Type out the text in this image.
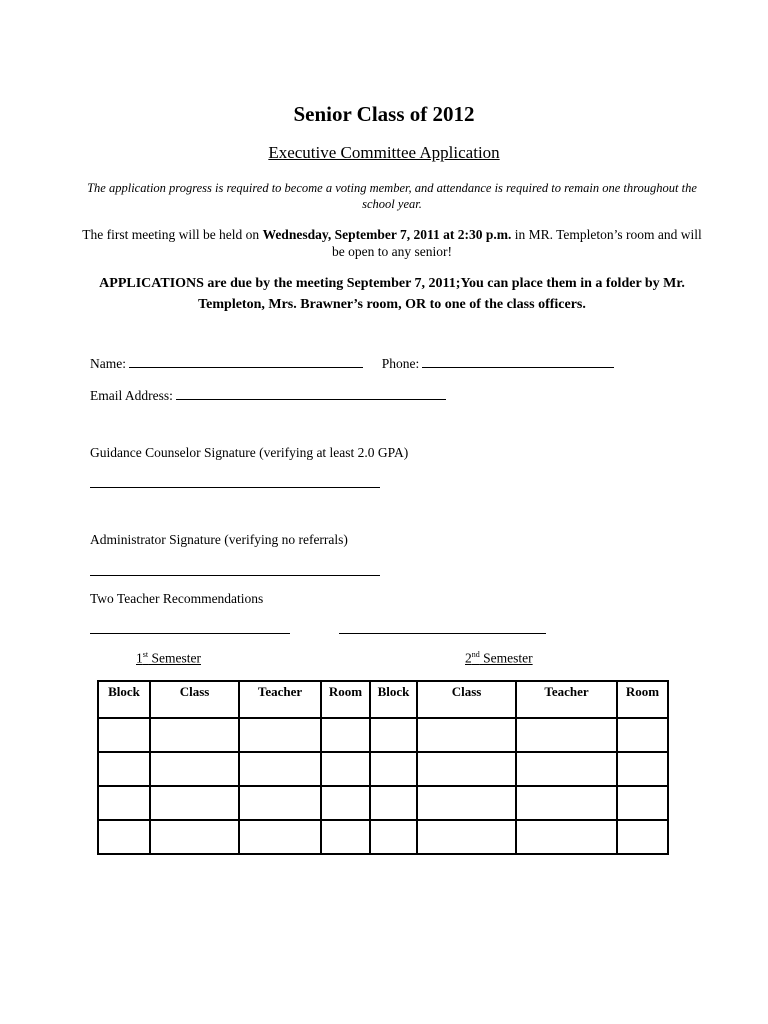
Senior Class of 2012
Executive Committee Application
The application progress is required to become a voting member, and attendance is required to remain one throughout the school year.
The first meeting will be held on Wednesday, September 7, 2011 at 2:30 p.m. in MR. Templeton’s room and will be open to any senior!
APPLICATIONS are due by the meeting September 7, 2011;You can place them in a folder by Mr. Templeton, Mrs. Brawner’s room, OR to one of the class officers.
Name:	Phone:
Email Address:
Guidance Counselor Signature (verifying at least 2.0 GPA)
Administrator Signature (verifying no referrals)
Two Teacher Recommendations
1st Semester	2nd Semester
Block	Class	Teacher	Room	Block	Class	Teacher	Room
